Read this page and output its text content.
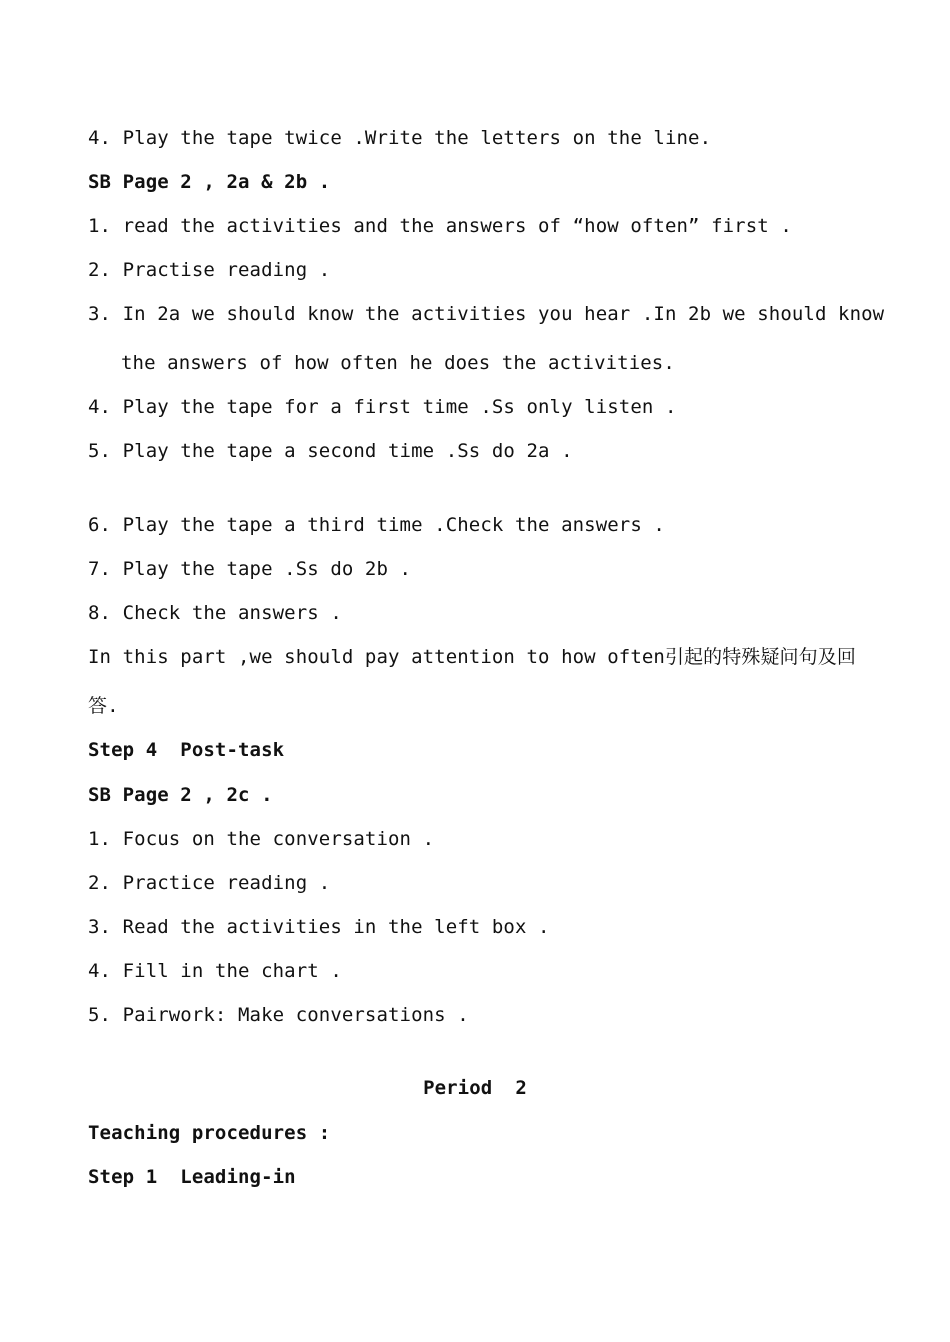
4. Play the tape twice .Write the letters on the line.
SB Page 2 , 2a & 2b .
1. read the activities and the answers of “how often” first .
2. Practise reading .
3. In 2a we should know the activities you hear .In 2b we should know
the answers of how often he does the activities.
4. Play the tape for a first time .Ss only listen .
5. Play the tape a second time .Ss do 2a .
6. Play the tape a third time .Check the answers .
7. Play the tape .Ss do 2b .
8. Check the answers .
In this part ,we should pay attention to how often引起的特殊疑问句及回
答.
Step 4  Post-task
SB Page 2 , 2c .
1. Focus on the conversation .
2. Practice reading .
3. Read the activities in the left box .
4. Fill in the chart .
5. Pairwork: Make conversations .
Period  2
Teaching procedures :
Step 1  Leading-in
